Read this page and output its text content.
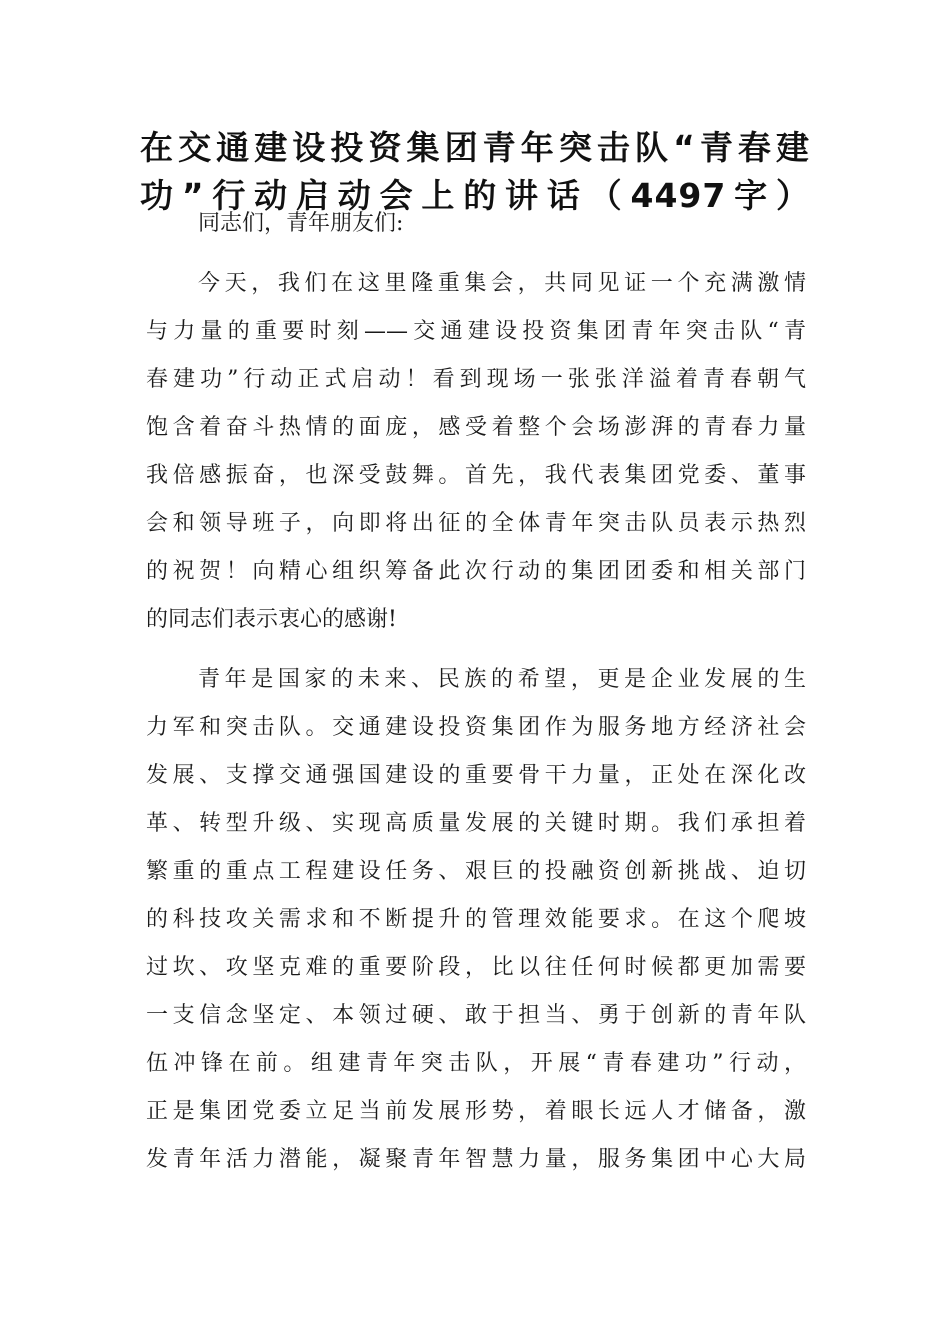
在交通建设投资集团青年突击队“青春建
功”行动启动会上的讲话（4497字）
同志们，青年朋友们:
今天，我们在这里隆重集会，共同见证一个充满激情
与力量的重要时刻——交通建设投资集团青年突击队“青
春建功”行动正式启动！看到现场一张张洋溢着青春朝气
饱含着奋斗热情的面庞，感受着整个会场澎湃的青春力量
我倍感振奋，也深受鼓舞。首先，我代表集团党委、董事
会和领导班子，向即将出征的全体青年突击队员表示热烈
的祝贺！向精心组织筹备此次行动的集团团委和相关部门
的同志们表示衷心的感谢!
青年是国家的未来、民族的希望，更是企业发展的生
力军和突击队。交通建设投资集团作为服务地方经济社会
发展、支撑交通强国建设的重要骨干力量，正处在深化改
革、转型升级、实现高质量发展的关键时期。我们承担着
繁重的重点工程建设任务、艰巨的投融资创新挑战、迫切
的科技攻关需求和不断提升的管理效能要求。在这个爬坡
过坎、攻坚克难的重要阶段，比以往任何时候都更加需要
一支信念坚定、本领过硬、敢于担当、勇于创新的青年队
伍冲锋在前。组建青年突击队，开展“青春建功”行动，
正是集团党委立足当前发展形势，着眼长远人才储备，激
发青年活力潜能，凝聚青年智慧力量，服务集团中心大局
